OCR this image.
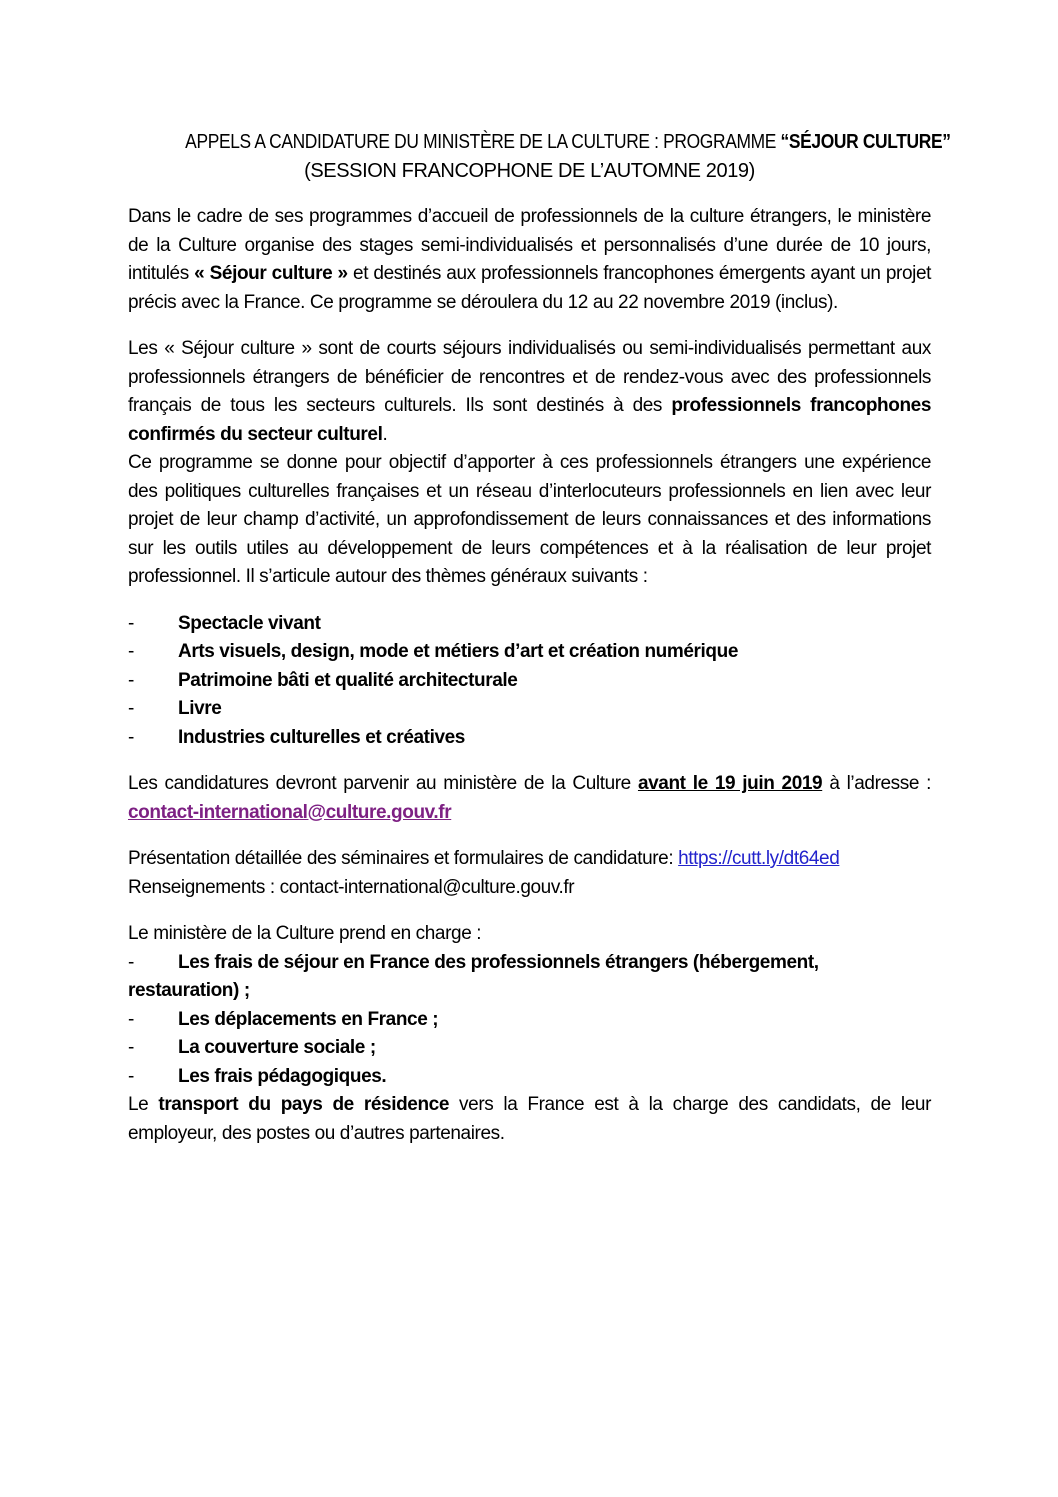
APPELS A CANDIDATURE DU MINISTÈRE DE LA CULTURE : PROGRAMME “SÉJOUR CULTURE”
(SESSION FRANCOPHONE DE L’AUTOMNE 2019)

Dans le cadre de ses programmes d’accueil de professionnels de la culture étrangers, le ministère de la Culture organise des stages semi-individualisés et personnalisés d’une durée de 10 jours, intitulés « Séjour culture » et destinés aux professionnels francophones émergents ayant un projet précis avec la France. Ce programme se déroulera du 12 au 22 novembre 2019 (inclus).

Les « Séjour culture » sont de courts séjours individualisés ou semi-individualisés permettant aux professionnels étrangers de bénéficier de rencontres et de rendez-vous avec des professionnels français de tous les secteurs culturels. Ils sont destinés à des professionnels francophones confirmés du secteur culturel.

Ce programme se donne pour objectif d’apporter à ces professionnels étrangers une expérience des politiques culturelles françaises et un réseau d’interlocuteurs professionnels en lien avec leur projet de leur champ d’activité, un approfondissement de leurs connaissances et des informations sur les outils utiles au développement de leurs compétences et à la réalisation de leur projet professionnel. Il s’articule autour des thèmes généraux suivants :

-	Spectacle vivant
-	Arts visuels, design, mode et métiers d’art et création numérique
-	Patrimoine bâti et qualité architecturale
-	Livre
-	Industries culturelles et créatives

Les candidatures devront parvenir au ministère de la Culture avant le 19 juin 2019 à l’adresse : contact-international@culture.gouv.fr

Présentation détaillée des séminaires et formulaires de candidature: https://cutt.ly/dt64ed
Renseignements : contact-international@culture.gouv.fr

Le ministère de la Culture prend en charge :
-	Les frais de séjour en France des professionnels étrangers (hébergement,
restauration) ;
-	Les déplacements en France ;
-	La couverture sociale ;
-	Les frais pédagogiques.

Le transport du pays de résidence vers la France est à la charge des candidats, de leur employeur, des postes ou d’autres partenaires.
